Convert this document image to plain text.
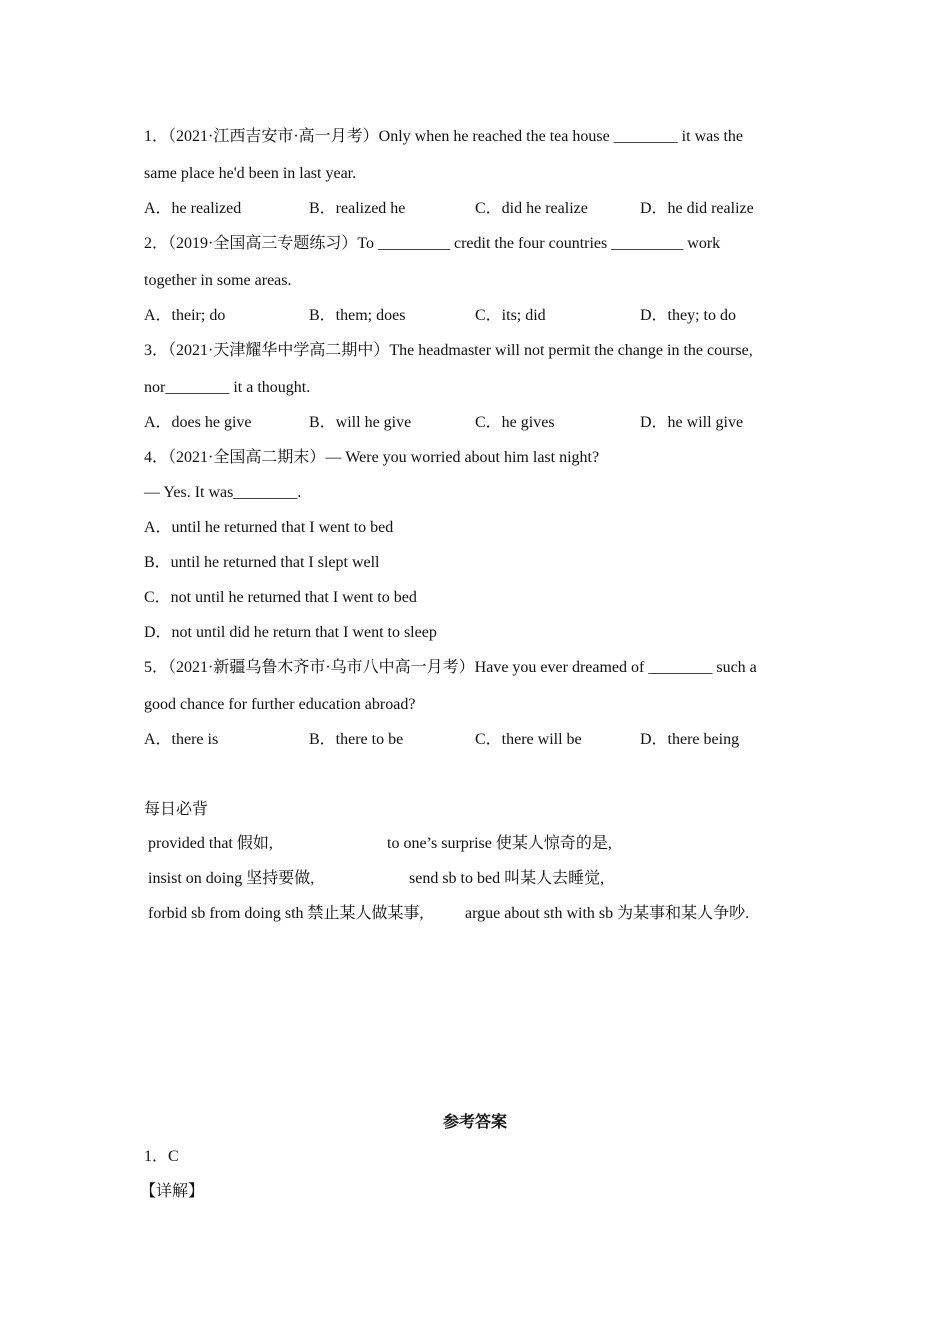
1．（2021·江西吉安市·高一月考）Only when he reached the tea house ________ it was the
same place he'd been in last year.
A．he realized	B．realized he	C．did he realize	D．he did realize
2．（2019·全国高三专题练习）To _________ credit the four countries _________ work
together in some areas.
A．their; do	B．them; does	C．its; did	D．they; to do
3．（2021·天津耀华中学高二期中）The headmaster will not permit the change in the course,
nor________ it a thought.
A．does he give	B．will he give	C．he gives	D．he will give
4．（2021·全国高二期末）— Were you worried about him last night?
— Yes. It was________.
A．until he returned that I went to bed
B．until he returned that I slept well
C．not until he returned that I went to bed
D．not until did he return that I went to sleep
5．（2021·新疆乌鲁木齐市·乌市八中高一月考）Have you ever dreamed of ________ such a
good chance for further education abroad?
A．there is	B．there to be	C．there will be	D．there being
每日必背
provided that 假如,	to one’s surprise 使某人惊奇的是,
insist on doing 坚持要做,	send sb to bed 叫某人去睡觉,
forbid sb from doing sth 禁止某人做某事,	argue about sth with sb 为某事和某人争吵.
参考答案
1．C
【详解】
